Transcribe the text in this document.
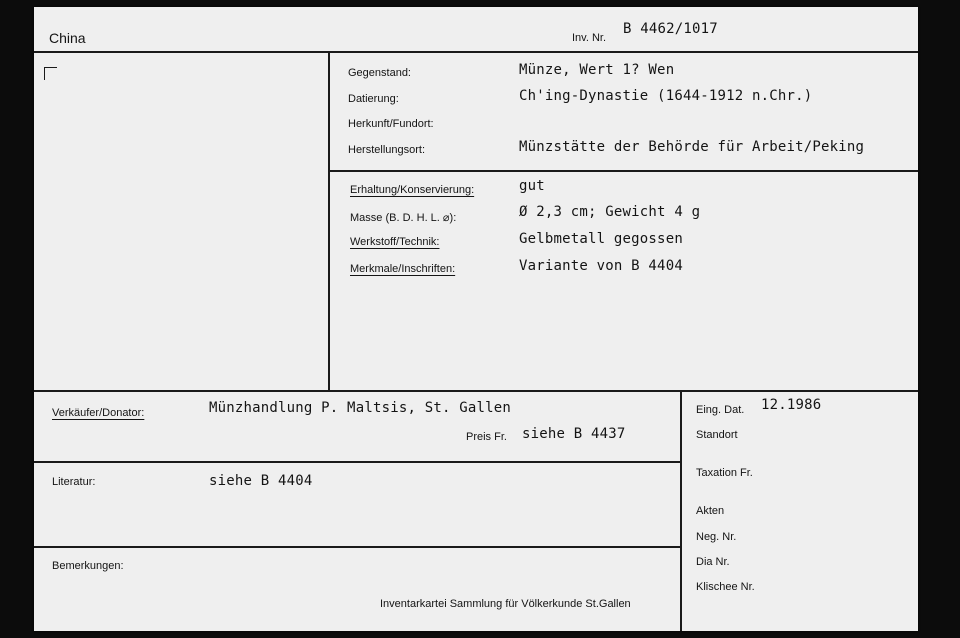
China	Inv. Nr.
B 4462/1017
Gegenstand:	Münze, Wert 1? Wen
Datierung:	Ch'ing-Dynastie (1644-1912 n.Chr.)
Herkunft/Fundort:
Herstellungsort:	Münzstätte der Behörde für Arbeit/Peking
Erhaltung/Konservierung:	gut
Masse (B. D. H. L. ⌀):	Ø 2,3 cm; Gewicht 4 g
Werkstoff/Technik:	Gelbmetall gegossen
Merkmale/Inschriften:	Variante von B 4404
Verkäufer/Donator:	Münzhandlung P. Maltsis, St. Gallen
Preis Fr. siehe B 4437
Literatur:	siehe B 4404
Bemerkungen:
Inventarkartei Sammlung für Völkerkunde St.Gallen
Eing. Dat. 12.1986
Standort
Taxation Fr.
Akten
Neg. Nr.
Dia Nr.
Klischee Nr.
